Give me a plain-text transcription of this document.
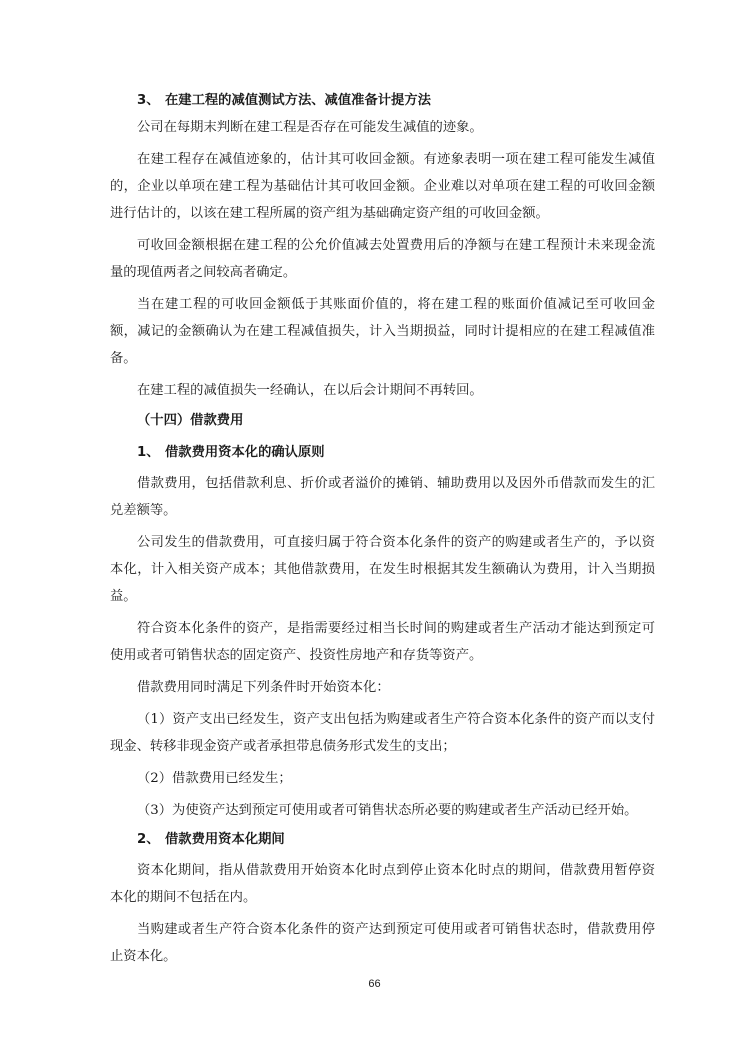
3、 在建工程的减值测试方法、减值准备计提方法

公司在每期末判断在建工程是否存在可能发生减值的迹象。

在建工程存在减值迹象的，估计其可收回金额。有迹象表明一项在建工程可能发生减值的，企业以单项在建工程为基础估计其可收回金额。企业难以对单项在建工程的可收回金额进行估计的，以该在建工程所属的资产组为基础确定资产组的可收回金额。

可收回金额根据在建工程的公允价值减去处置费用后的净额与在建工程预计未来现金流量的现值两者之间较高者确定。

当在建工程的可收回金额低于其账面价值的，将在建工程的账面价值减记至可收回金额，减记的金额确认为在建工程减值损失，计入当期损益，同时计提相应的在建工程减值准备。

在建工程的减值损失一经确认，在以后会计期间不再转回。

（十四）借款费用
1、 借款费用资本化的确认原则

借款费用，包括借款利息、折价或者溢价的摊销、辅助费用以及因外币借款而发生的汇兑差额等。

公司发生的借款费用，可直接归属于符合资本化条件的资产的购建或者生产的，予以资本化，计入相关资产成本；其他借款费用，在发生时根据其发生额确认为费用，计入当期损益。

符合资本化条件的资产，是指需要经过相当长时间的购建或者生产活动才能达到预定可使用或者可销售状态的固定资产、投资性房地产和存货等资产。

借款费用同时满足下列条件时开始资本化：

（1）资产支出已经发生，资产支出包括为购建或者生产符合资本化条件的资产而以支付现金、转移非现金资产或者承担带息债务形式发生的支出；

（2）借款费用已经发生；

（3）为使资产达到预定可使用或者可销售状态所必要的购建或者生产活动已经开始。

2、 借款费用资本化期间

资本化期间，指从借款费用开始资本化时点到停止资本化时点的期间，借款费用暂停资本化的期间不包括在内。

当购建或者生产符合资本化条件的资产达到预定可使用或者可销售状态时，借款费用停止资本化。

66
